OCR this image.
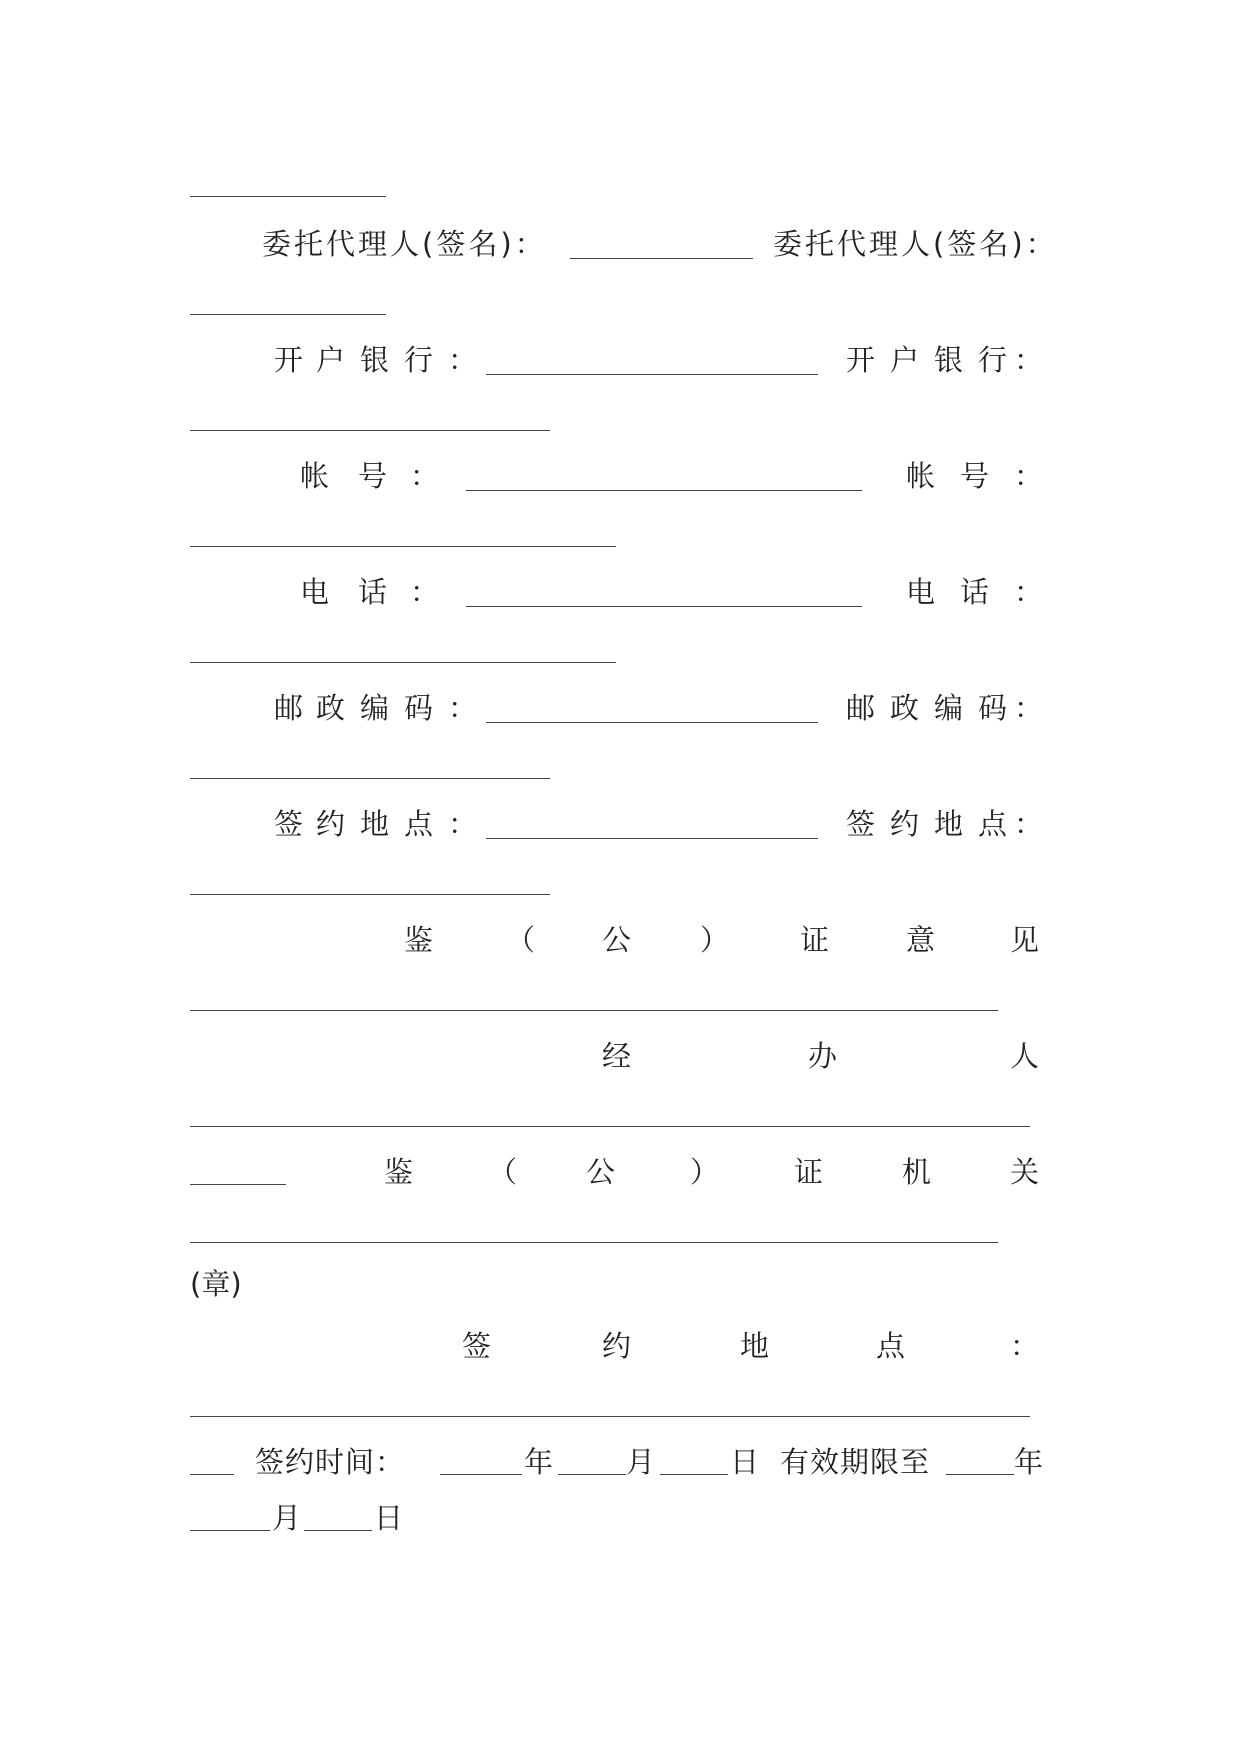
委托代理人(签名)：	委托代理人(签名)：
开 户 银 行 ：	开 户 银 行 ：
帐 号 ：	帐 号 ：
电 话 ：	电 话 ：
邮 政 编 码 ：	邮 政 编 码 ：
签 约 地 点 ：	签 约 地 点 ：
鉴	（ 公 ） 证	意	见
经	办	人
鉴	（ 公	）	证	机	关
(章)
签	约	地	点	：
签约时间：	年	月	日 有效期限至	年
月	日
